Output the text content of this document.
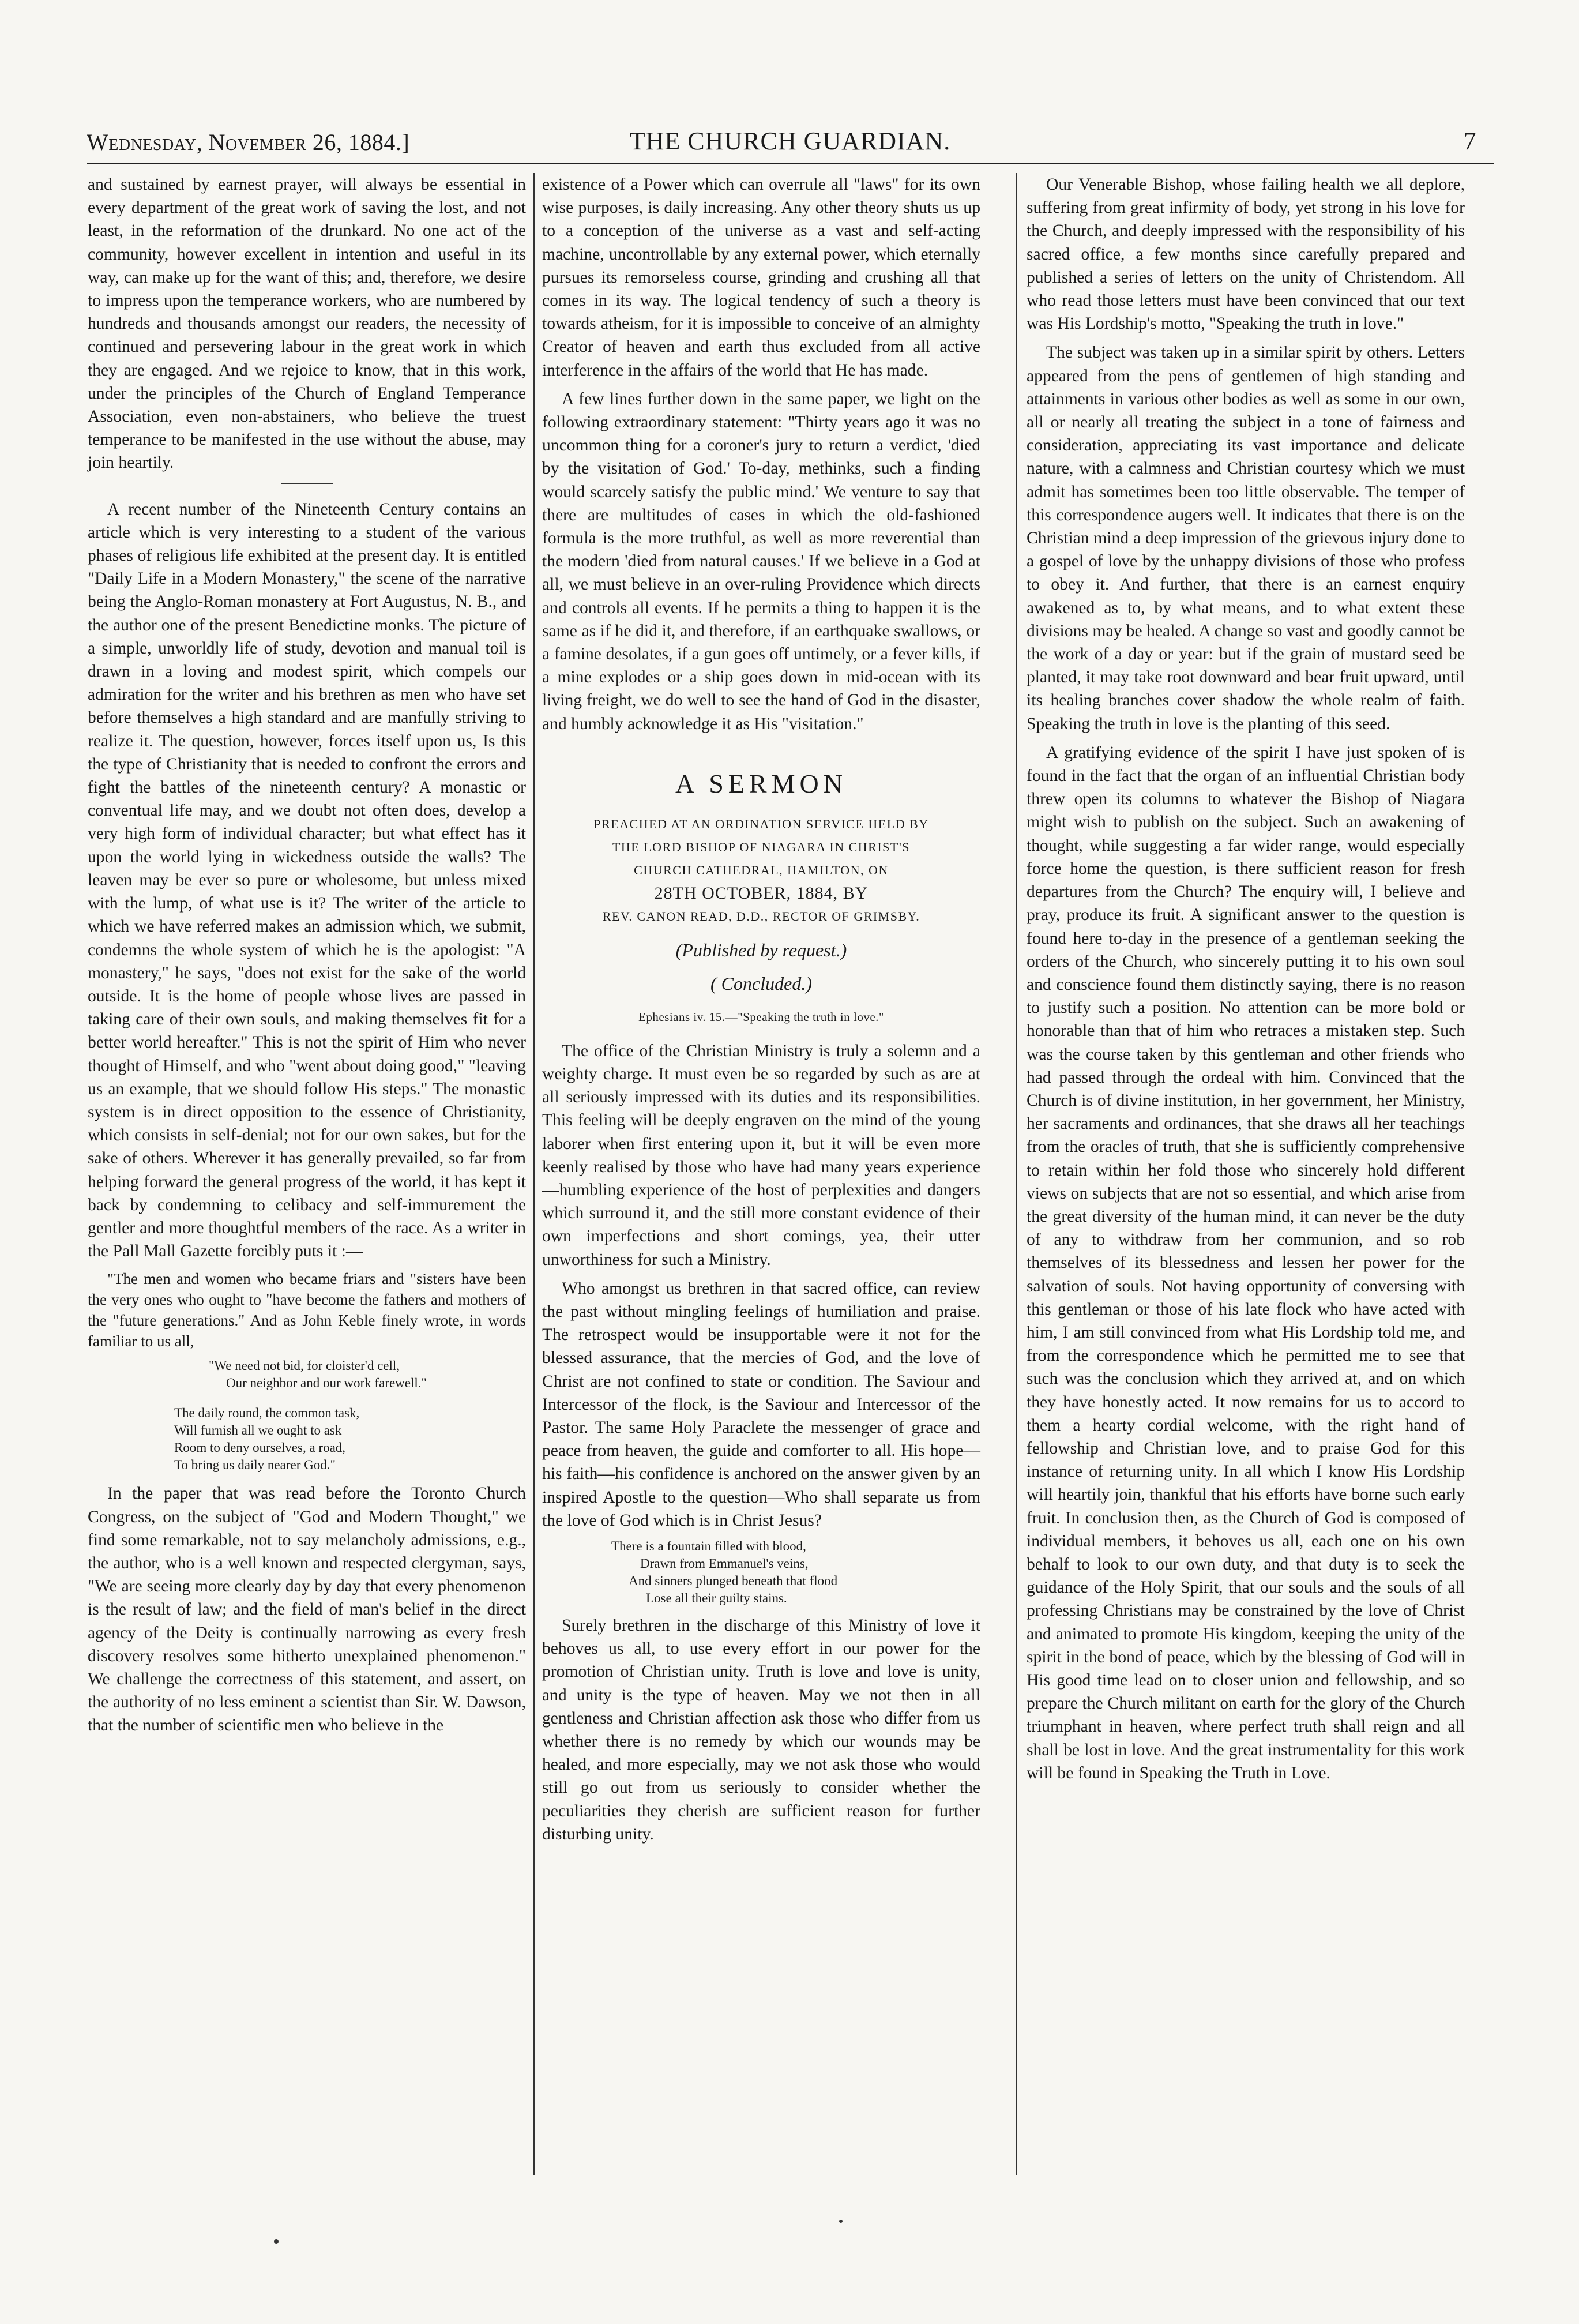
Wednesday, November 26, 1884.]	THE CHURCH GUARDIAN.	7

and sustained by earnest prayer, will always be essential in every department of the great work of saving the lost, and not least, in the reformation of the drunkard. No one act of the community, however excellent in intention and useful in its way, can make up for the want of this; and, therefore, we desire to impress upon the temperance workers, who are numbered by hundreds and thousands amongst our readers, the necessity of continued and persevering labour in the great work in which they are engaged. And we rejoice to know, that in this work, under the principles of the Church of England Temperance Association, even non-abstainers, who believe the truest temperance to be manifested in the use without the abuse, may join heartily.

A recent number of the Nineteenth Century contains an article which is very interesting to a student of the various phases of religious life exhibited at the present day. It is entitled "Daily Life in a Modern Monastery," the scene of the narrative being the Anglo-Roman monastery at Fort Augustus, N. B., and the author one of the present Benedictine monks. The picture of a simple, unworldly life of study, devotion and manual toil is drawn in a loving and modest spirit, which compels our admiration for the writer and his brethren as men who have set before themselves a high standard and are manfully striving to realize it. The question, however, forces itself upon us, Is this the type of Christianity that is needed to confront the errors and fight the battles of the nineteenth century? A monastic or conventual life may, and we doubt not often does, develop a very high form of individual character; but what effect has it upon the world lying in wickedness outside the walls? The leaven may be ever so pure or wholesome, but unless mixed with the lump, of what use is it? The writer of the article to which we have referred makes an admission which, we submit, condemns the whole system of which he is the apologist: "A monastery," he says, "does not exist for the sake of the world outside. It is the home of people whose lives are passed in taking care of their own souls, and making themselves fit for a better world hereafter." This is not the spirit of Him who never thought of Himself, and who "went about doing good," "leaving us an example, that we should follow His steps." The monastic system is in direct opposition to the essence of Christianity, which consists in self-denial; not for our own sakes, but for the sake of others. Wherever it has generally prevailed, so far from helping forward the general progress of the world, it has kept it back by condemning to celibacy and self-immurement the gentler and more thoughtful members of the race. As a writer in the Pall Mall Gazette forcibly puts it :—

"The men and women who became friars and "sisters have been the very ones who ought to "have become the fathers and mothers of the "future generations." And as John Keble finely wrote, in words familiar to us all,

"We need not bid, for cloister'd cell,
Our neighbor and our work farewell."
The daily round, the common task,
Will furnish all we ought to ask
Room to deny ourselves, a road,
To bring us daily nearer God."

In the paper that was read before the Toronto Church Congress, on the subject of "God and Modern Thought," we find some remarkable, not to say melancholy admissions, e.g., the author, who is a well known and respected clergyman, says, "We are seeing more clearly day by day that every phenomenon is the result of law; and the field of man's belief in the direct agency of the Deity is continually narrowing as every fresh discovery resolves some hitherto unexplained phenomenon." We challenge the correctness of this statement, and assert, on the authority of no less eminent a scientist than Sir. W. Dawson, that the number of scientific men who believe in the

existence of a Power which can overrule all "laws" for its own wise purposes, is daily increasing. Any other theory shuts us up to a conception of the universe as a vast and self-acting machine, uncontrollable by any external power, which eternally pursues its remorseless course, grinding and crushing all that comes in its way. The logical tendency of such a theory is towards atheism, for it is impossible to conceive of an almighty Creator of heaven and earth thus excluded from all active interference in the affairs of the world that He has made.

A few lines further down in the same paper, we light on the following extraordinary statement: "Thirty years ago it was no uncommon thing for a coroner's jury to return a verdict, 'died by the visitation of God.' To-day, methinks, such a finding would scarcely satisfy the public mind.' We venture to say that there are multitudes of cases in which the old-fashioned formula is the more truthful, as well as more reverential than the modern 'died from natural causes.' If we believe in a God at all, we must believe in an over-ruling Providence which directs and controls all events. If he permits a thing to happen it is the same as if he did it, and therefore, if an earthquake swallows, or a famine desolates, if a gun goes off untimely, or a fever kills, if a mine explodes or a ship goes down in mid-ocean with its living freight, we do well to see the hand of God in the disaster, and humbly acknowledge it as His "visitation."

A SERMON
PREACHED AT AN ORDINATION SERVICE HELD BY
THE LORD BISHOP OF NIAGARA IN CHRIST'S
CHURCH CATHEDRAL, HAMILTON, ON
28TH OCTOBER, 1884, BY
REV. CANON READ, D.D., RECTOR OF GRIMSBY.
(Published by request.)
( Concluded.)
Ephesians iv. 15.—"Speaking the truth in love."

The office of the Christian Ministry is truly a solemn and a weighty charge. It must even be so regarded by such as are at all seriously impressed with its duties and its responsibilities. This feeling will be deeply engraven on the mind of the young laborer when first entering upon it, but it will be even more keenly realised by those who have had many years experience—humbling experience of the host of perplexities and dangers which surround it, and the still more constant evidence of their own imperfections and short comings, yea, their utter unworthiness for such a Ministry.

Who amongst us brethren in that sacred office, can review the past without mingling feelings of humiliation and praise. The retrospect would be insupportable were it not for the blessed assurance, that the mercies of God, and the love of Christ are not confined to state or condition. The Saviour and Intercessor of the flock, is the Saviour and Intercessor of the Pastor. The same Holy Paraclete the messenger of grace and peace from heaven, the guide and comforter to all. His hope—his faith—his confidence is anchored on the answer given by an inspired Apostle to the question—Who shall separate us from the love of God which is in Christ Jesus?

There is a fountain filled with blood,
Drawn from Emmanuel's veins,
And sinners plunged beneath that flood
Lose all their guilty stains.

Surely brethren in the discharge of this Ministry of love it behoves us all, to use every effort in our power for the promotion of Christian unity. Truth is love and love is unity, and unity is the type of heaven. May we not then in all gentleness and Christian affection ask those who differ from us whether there is no remedy by which our wounds may be healed, and more especially, may we not ask those who would still go out from us seriously to consider whether the peculiarities they cherish are sufficient reason for further disturbing unity.

Our Venerable Bishop, whose failing health we all deplore, suffering from great infirmity of body, yet strong in his love for the Church, and deeply impressed with the responsibility of his sacred office, a few months since carefully prepared and published a series of letters on the unity of Christendom. All who read those letters must have been convinced that our text was His Lordship's motto, "Speaking the truth in love."

The subject was taken up in a similar spirit by others. Letters appeared from the pens of gentlemen of high standing and attainments in various other bodies as well as some in our own, all or nearly all treating the subject in a tone of fairness and consideration, appreciating its vast importance and delicate nature, with a calmness and Christian courtesy which we must admit has sometimes been too little observable. The temper of this correspondence augers well. It indicates that there is on the Christian mind a deep impression of the grievous injury done to a gospel of love by the unhappy divisions of those who profess to obey it. And further, that there is an earnest enquiry awakened as to, by what means, and to what extent these divisions may be healed. A change so vast and goodly cannot be the work of a day or year: but if the grain of mustard seed be planted, it may take root downward and bear fruit upward, until its healing branches cover shadow the whole realm of faith. Speaking the truth in love is the planting of this seed.

A gratifying evidence of the spirit I have just spoken of is found in the fact that the organ of an influential Christian body threw open its columns to whatever the Bishop of Niagara might wish to publish on the subject. Such an awakening of thought, while suggesting a far wider range, would especially force home the question, is there sufficient reason for fresh departures from the Church? The enquiry will, I believe and pray, produce its fruit. A significant answer to the question is found here to-day in the presence of a gentleman seeking the orders of the Church, who sincerely putting it to his own soul and conscience found them distinctly saying, there is no reason to justify such a position. No attention can be more bold or honorable than that of him who retraces a mistaken step. Such was the course taken by this gentleman and other friends who had passed through the ordeal with him. Convinced that the Church is of divine institution, in her government, her Ministry, her sacraments and ordinances, that she draws all her teachings from the oracles of truth, that she is sufficiently comprehensive to retain within her fold those who sincerely hold different views on subjects that are not so essential, and which arise from the great diversity of the human mind, it can never be the duty of any to withdraw from her communion, and so rob themselves of its blessedness and lessen her power for the salvation of souls. Not having opportunity of conversing with this gentleman or those of his late flock who have acted with him, I am still convinced from what His Lordship told me, and from the correspondence which he permitted me to see that such was the conclusion which they arrived at, and on which they have honestly acted. It now remains for us to accord to them a hearty cordial welcome, with the right hand of fellowship and Christian love, and to praise God for this instance of returning unity. In all which I know His Lordship will heartily join, thankful that his efforts have borne such early fruit. In conclusion then, as the Church of God is composed of individual members, it behoves us all, each one on his own behalf to look to our own duty, and that duty is to seek the guidance of the Holy Spirit, that our souls and the souls of all professing Christians may be constrained by the love of Christ and animated to promote His kingdom, keeping the unity of the spirit in the bond of peace, which by the blessing of God will in His good time lead on to closer union and fellowship, and so prepare the Church militant on earth for the glory of the Church triumphant in heaven, where perfect truth shall reign and all shall be lost in love. And the great instrumentality for this work will be found in Speaking the Truth in Love.
